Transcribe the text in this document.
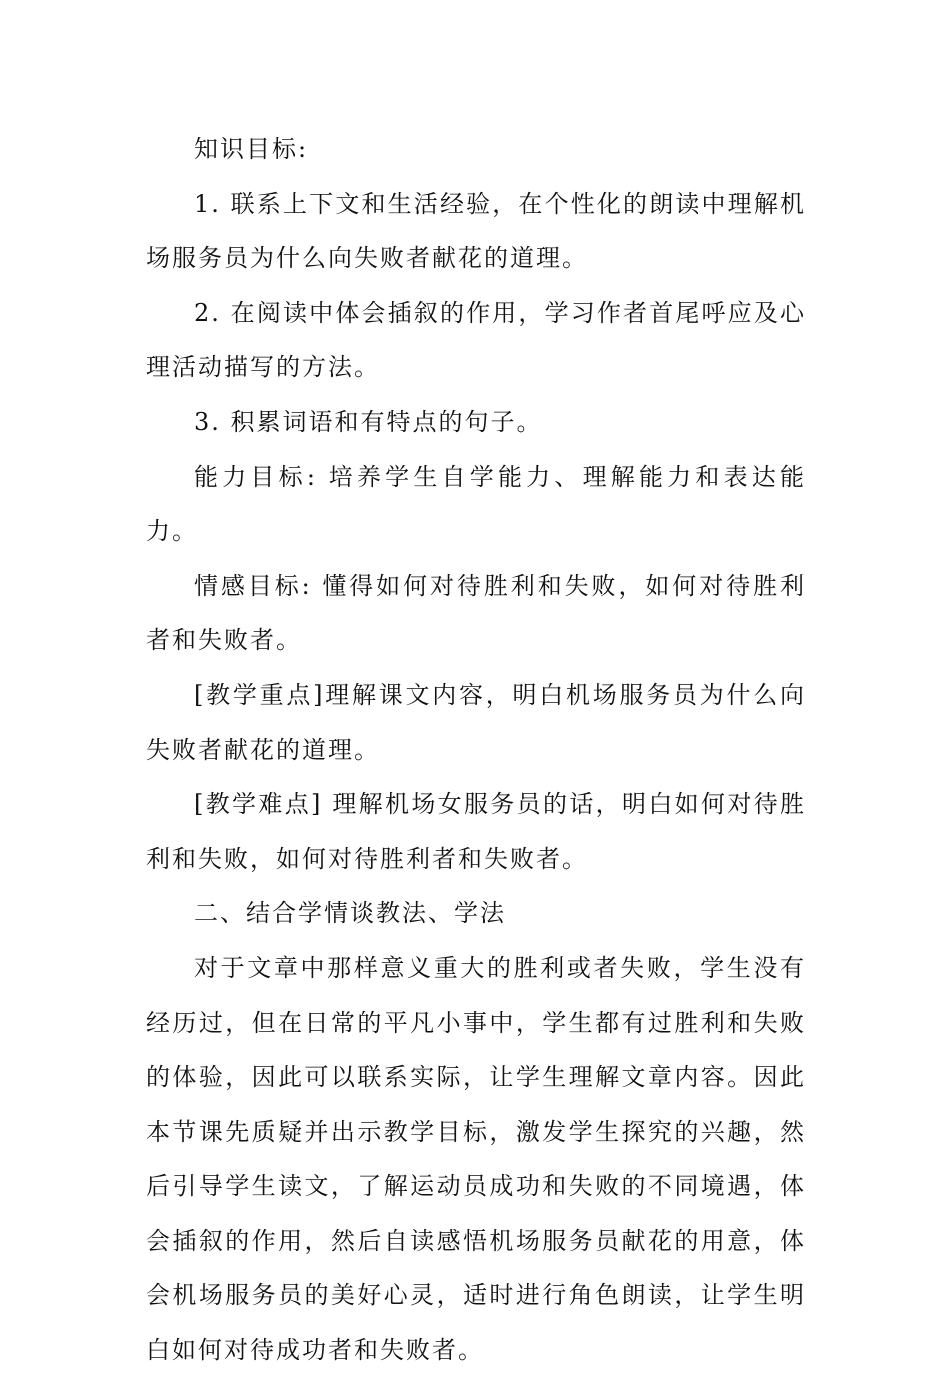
知识目标:

1. 联系上下文和生活经验，在个性化的朗读中理解机场服务员为什么向失败者献花的道理。

2. 在阅读中体会插叙的作用，学习作者首尾呼应及心理活动描写的方法。

3. 积累词语和有特点的句子。

能力目标: 培养学生自学能力、理解能力和表达能力。

情感目标: 懂得如何对待胜利和失败，如何对待胜利者和失败者。

[教学重点]理解课文内容，明白机场服务员为什么向失败者献花的道理。

[教学难点] 理解机场女服务员的话，明白如何对待胜利和失败，如何对待胜利者和失败者。

二、结合学情谈教法、学法

对于文章中那样意义重大的胜利或者失败，学生没有经历过，但在日常的平凡小事中，学生都有过胜利和失败的体验，因此可以联系实际，让学生理解文章内容。因此本节课先质疑并出示教学目标，激发学生探究的兴趣，然后引导学生读文，了解运动员成功和失败的不同境遇，体会插叙的作用，然后自读感悟机场服务员献花的用意，体会机场服务员的美好心灵，适时进行角色朗读，让学生明白如何对待成功者和失败者。
